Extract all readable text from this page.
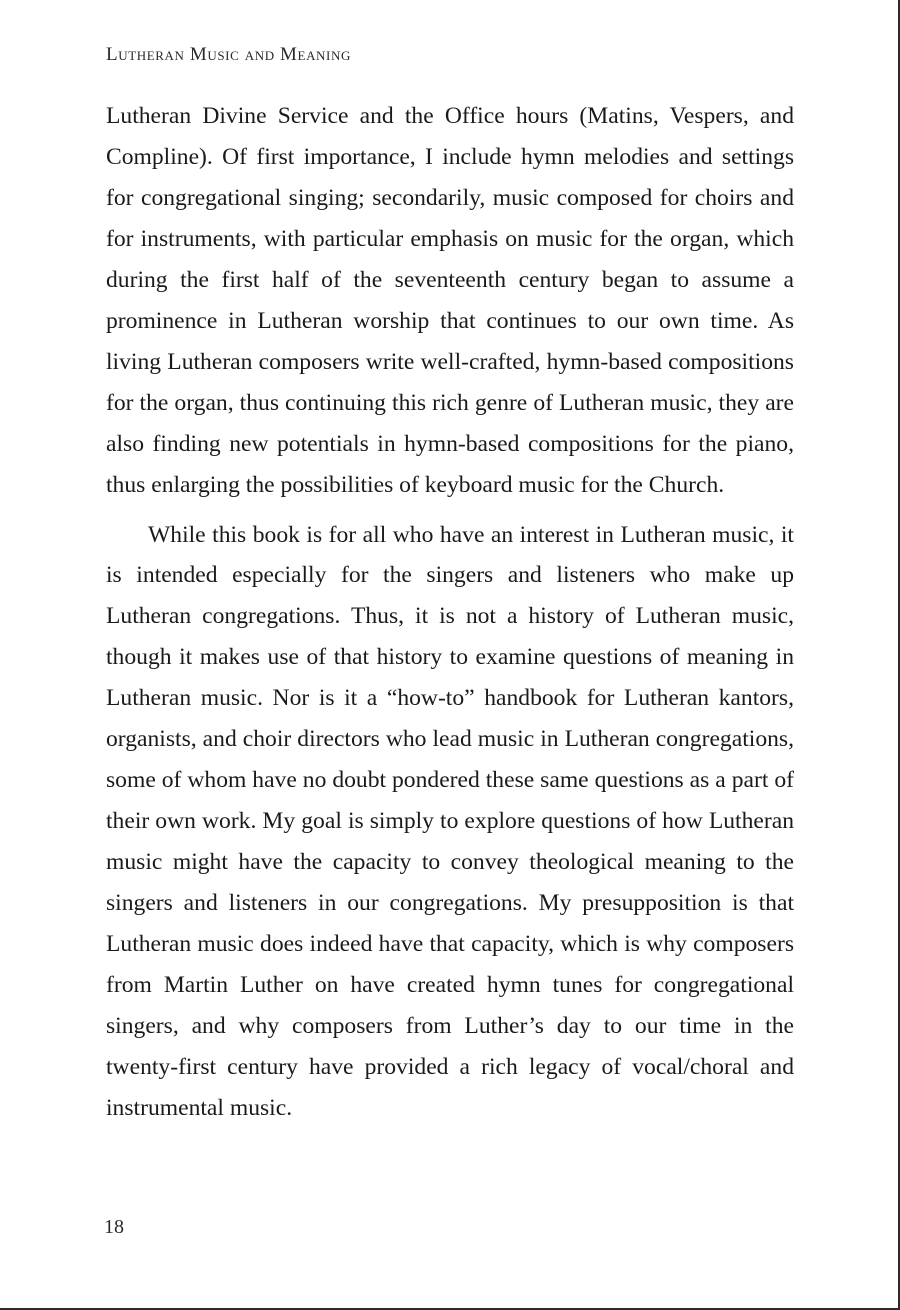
Lutheran Music and Meaning

Lutheran Divine Service and the Office hours (Matins, Vespers, and Compline). Of first importance, I include hymn melodies and settings for congregational singing; secondarily, music composed for choirs and for instruments, with particular emphasis on music for the organ, which during the first half of the seventeenth century began to assume a prominence in Lutheran worship that continues to our own time. As living Lutheran composers write well-crafted, hymn-based compositions for the organ, thus continuing this rich genre of Lutheran music, they are also finding new potentials in hymn-based compositions for the piano, thus enlarging the possibilities of keyboard music for the Church.

While this book is for all who have an interest in Lutheran music, it is intended especially for the singers and listeners who make up Lutheran congregations. Thus, it is not a history of Lutheran music, though it makes use of that history to examine questions of meaning in Lutheran music. Nor is it a “how-to” handbook for Lutheran kantors, organists, and choir directors who lead music in Lutheran congregations, some of whom have no doubt pondered these same questions as a part of their own work. My goal is simply to explore questions of how Lutheran music might have the capacity to convey theological meaning to the singers and listeners in our congregations. My presupposition is that Lutheran music does indeed have that capacity, which is why composers from Martin Luther on have created hymn tunes for congregational singers, and why composers from Luther’s day to our time in the twenty-first century have provided a rich legacy of vocal/choral and instrumental music.

18
